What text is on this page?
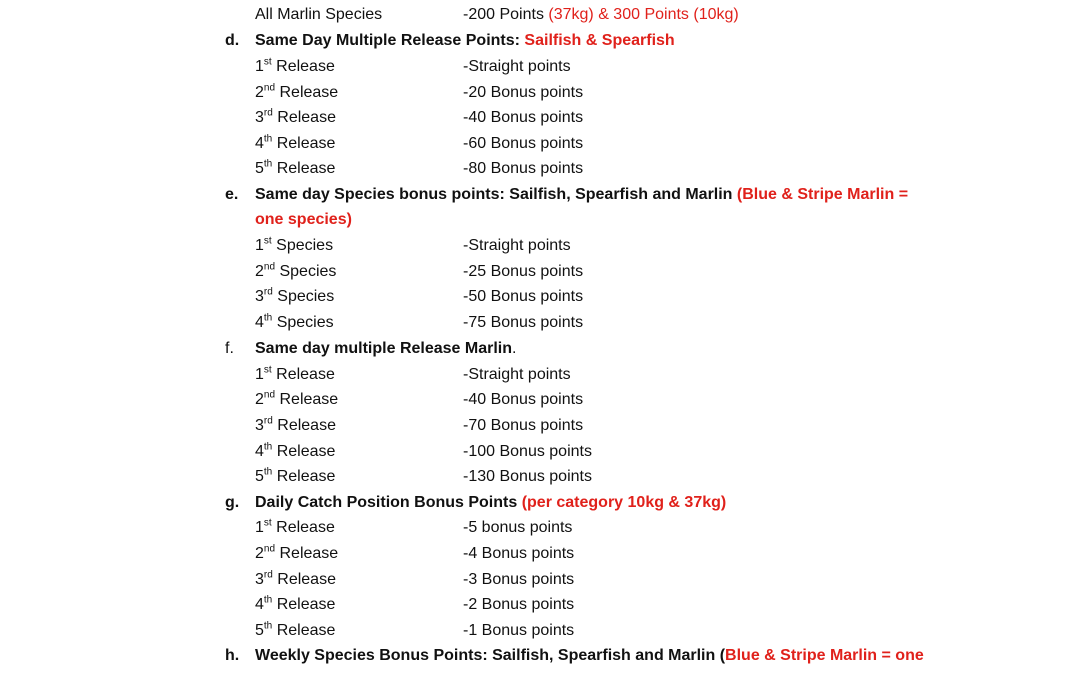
All Marlin Species	-200 Points (37kg) & 300 Points (10kg)
d. Same Day Multiple Release Points: Sailfish & Spearfish
1st Release	-Straight points
2nd Release	-20 Bonus points
3rd Release	-40 Bonus points
4th Release	-60 Bonus points
5th Release	-80 Bonus points
e. Same day Species bonus points: Sailfish, Spearfish and Marlin (Blue & Stripe Marlin =
one species)
1st Species	-Straight points
2nd Species	-25 Bonus points
3rd Species	-50 Bonus points
4th Species	-75 Bonus points
f. Same day multiple Release Marlin.
1st Release	-Straight points
2nd Release	-40 Bonus points
3rd Release	-70 Bonus points
4th Release	-100 Bonus points
5th Release	-130 Bonus points
g. Daily Catch Position Bonus Points (per category 10kg & 37kg)
1st Release	-5 bonus points
2nd Release	-4 Bonus points
3rd Release	-3 Bonus points
4th Release	-2 Bonus points
5th Release	-1 Bonus points
h. Weekly Species Bonus Points: Sailfish, Spearfish and Marlin (Blue & Stripe Marlin = one
